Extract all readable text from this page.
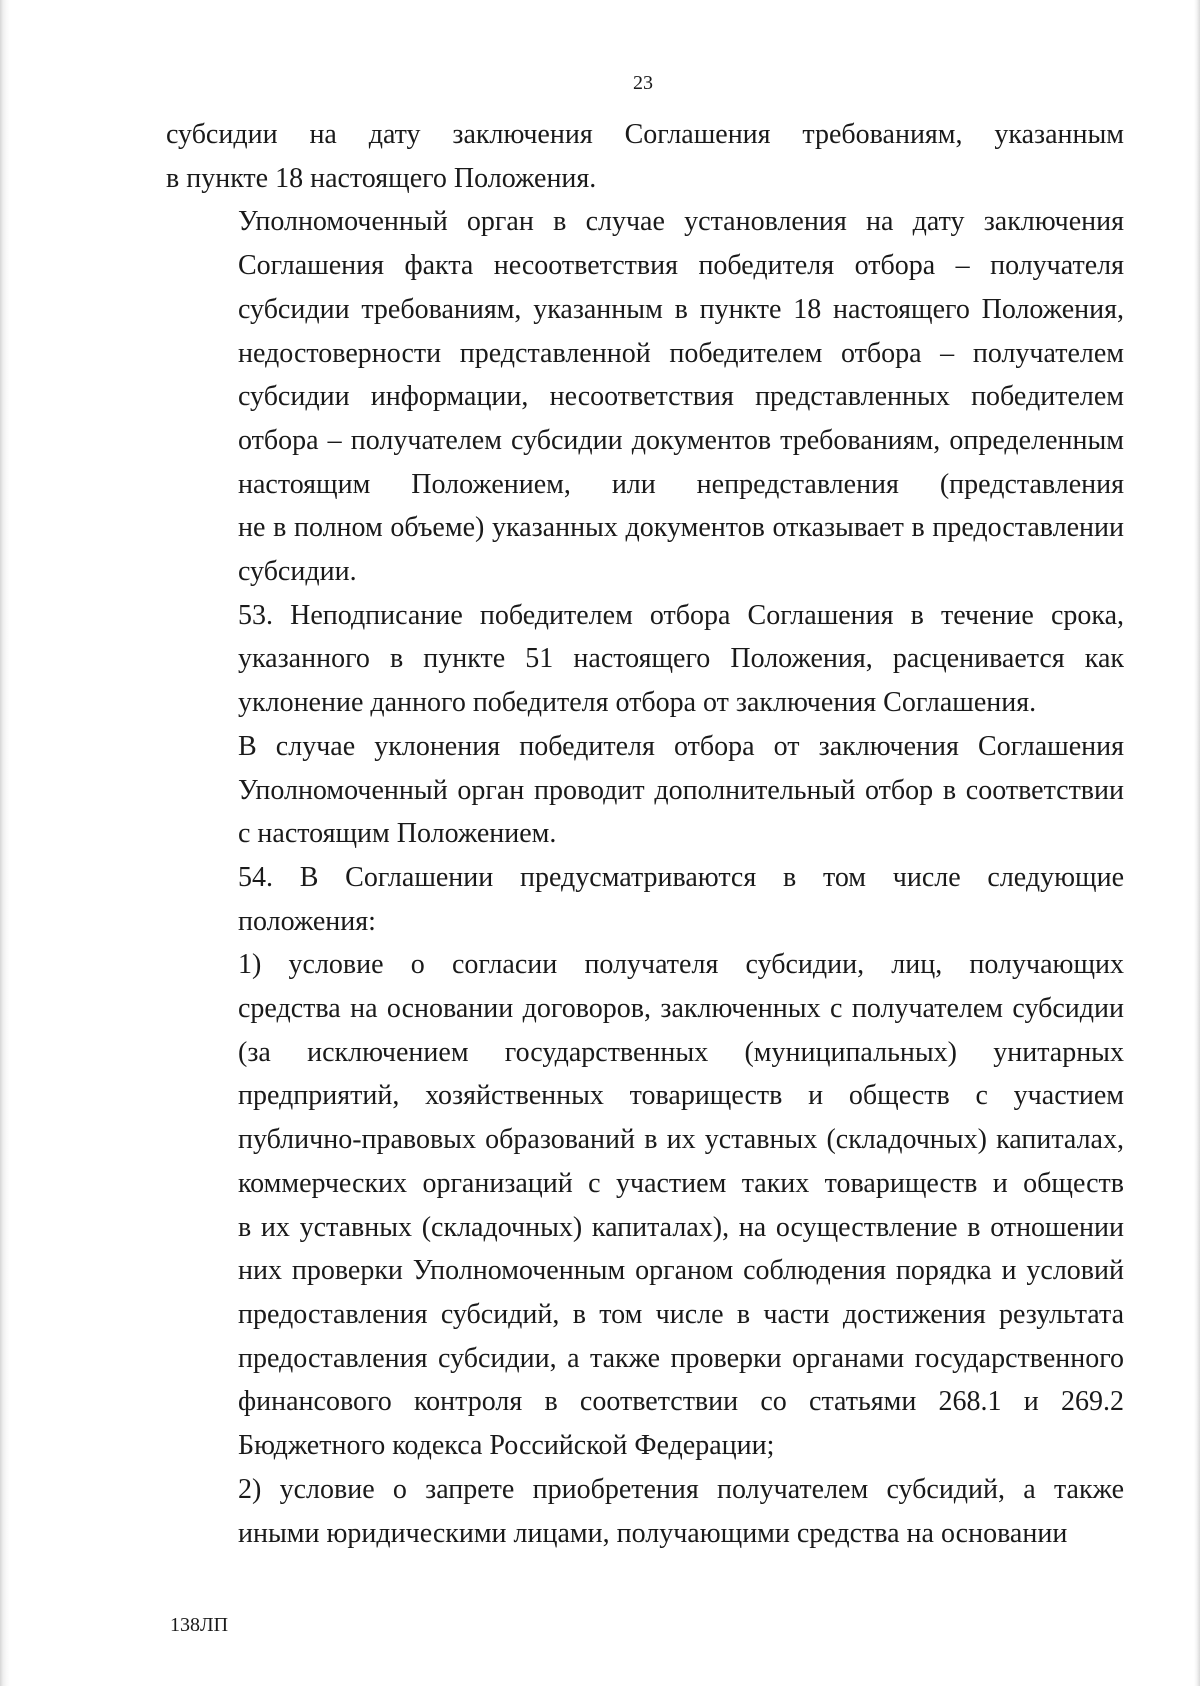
23
субсидии на дату заключения Соглашения требованиям, указанным
в пункте 18 настоящего Положения.
Уполномоченный орган в случае установления на дату заключения
Соглашения факта несоответствия победителя отбора – получателя
субсидии требованиям, указанным в пункте 18 настоящего Положения,
недостоверности представленной победителем отбора – получателем
субсидии информации, несоответствия представленных победителем
отбора – получателем субсидии документов требованиям, определенным
настоящим Положением, или непредставления (представления
не в полном объеме) указанных документов отказывает в предоставлении
субсидии.
53. Неподписание победителем отбора Соглашения в течение срока,
указанного в пункте 51 настоящего Положения, расценивается как
уклонение данного победителя отбора от заключения Соглашения.
В случае уклонения победителя отбора от заключения Соглашения
Уполномоченный орган проводит дополнительный отбор в соответствии
с настоящим Положением.
54. В Соглашении предусматриваются в том числе следующие
положения:
1) условие о согласии получателя субсидии, лиц, получающих
средства на основании договоров, заключенных с получателем субсидии
(за исключением государственных (муниципальных) унитарных
предприятий, хозяйственных товариществ и обществ с участием
публично-правовых образований в их уставных (складочных) капиталах,
коммерческих организаций с участием таких товариществ и обществ
в их уставных (складочных) капиталах), на осуществление в отношении
них проверки Уполномоченным органом соблюдения порядка и условий
предоставления субсидий, в том числе в части достижения результата
предоставления субсидии, а также проверки органами государственного
финансового контроля в соответствии со статьями 268.1 и 269.2
Бюджетного кодекса Российской Федерации;
2) условие о запрете приобретения получателем субсидий, а также
иными юридическими лицами, получающими средства на основании
138ЛП
